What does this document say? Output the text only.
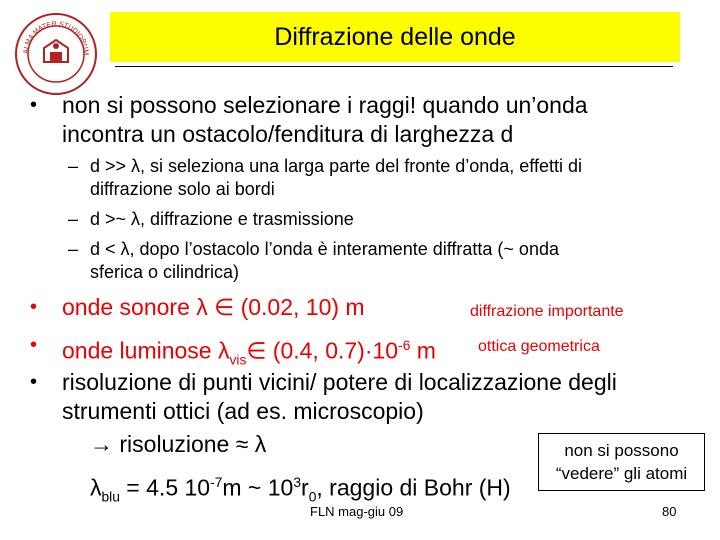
ALMA MATER STUDIORUM
Diffrazione delle onde
• non si possono selezionare i raggi! quando un’onda
incontra un ostacolo/fenditura di larghezza d
– d >> λ, si seleziona una larga parte del fronte d’onda, effetti di
diffrazione solo ai bordi
– d >~ λ, diffrazione e trasmissione
– d < λ, dopo l’ostacolo l’onda è interamente diffratta (~ onda
sferica o cilindrica)
• onde sonore λ ∈ (0.02, 10) m	diffrazione importante
• onde luminose $\lambda_{vis}\in$ (0.4, $0.7)\cdot 10^{-6}$ m	ottica geometrica
• risoluzione di punti vicini/ potere di localizzazione degli
strumenti ottici (ad es. microscopio)
→ risoluzione ≈ λ
$\lambda_{blu} = 4.5$ $10^{-7}m$ ~ $10^3r_0$, raggio di Bohr (H)
non si possono
“vedere” gli atomi
FLN mag-giu 09	80
